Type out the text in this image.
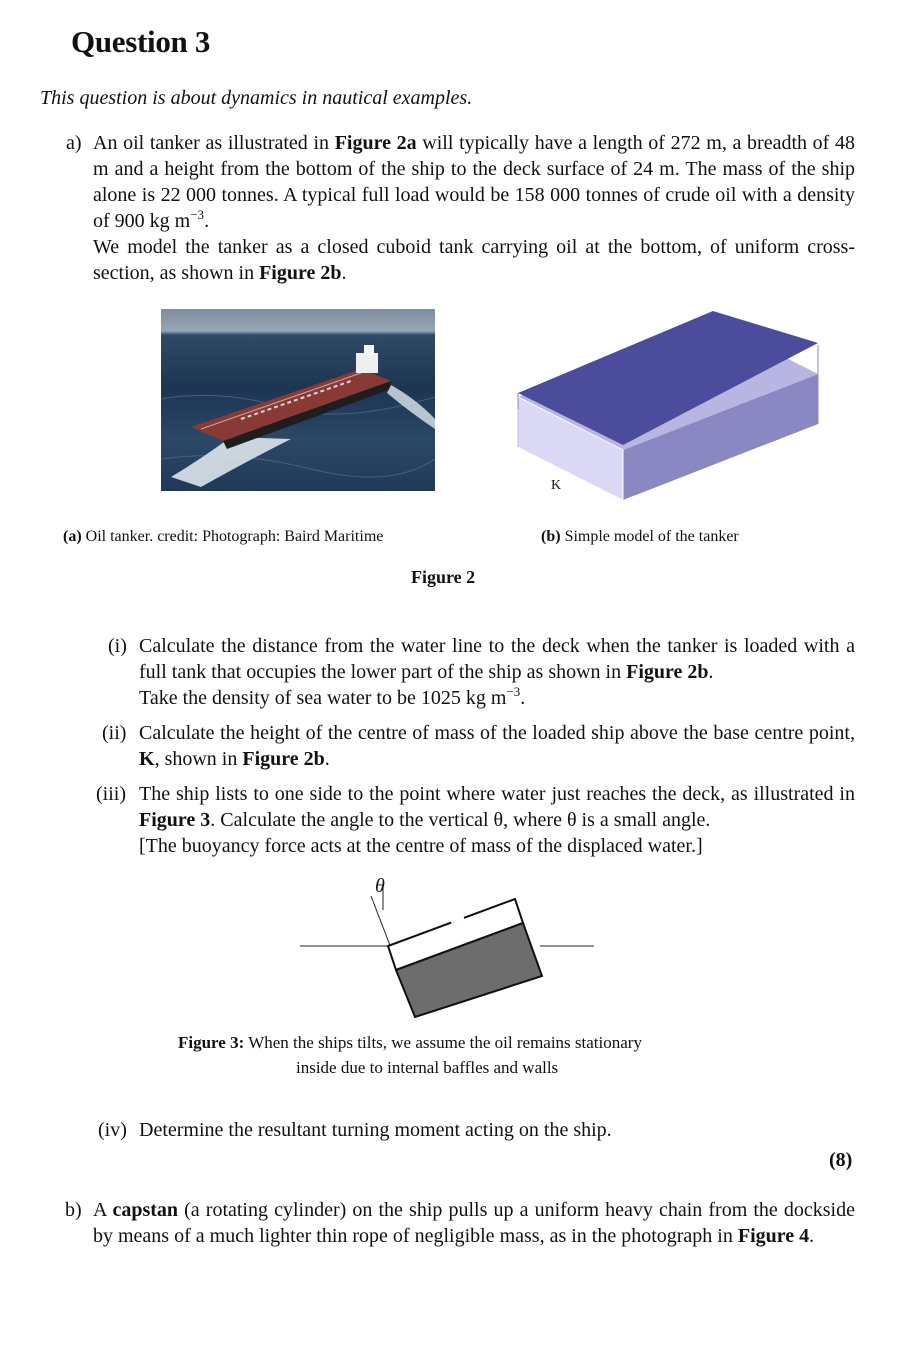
Question 3
This question is about dynamics in nautical examples.
a) An oil tanker as illustrated in Figure 2a will typically have a length of 272 m, a breadth of 48 m and a height from the bottom of the ship to the deck surface of 24 m. The mass of the ship alone is 22 000 tonnes. A typical full load would be 158 000 tonnes of crude oil with a density of 900 kg $m^{-3}$.
We model the tanker as a closed cuboid tank carrying oil at the bottom, of uniform cross-section, as shown in Figure 2b.
K
(a) Oil tanker. credit: Photograph: Baird Maritime	(b) Simple model of the tanker
Figure 2
(i) Calculate the distance from the water line to the deck when the tanker is loaded with a full tank that occupies the lower part of the ship as shown in Figure 2b.
Take the density of sea water to be 1025 kg $m^{-3}$.
(ii) Calculate the height of the centre of mass of the loaded ship above the base centre point, K, shown in Figure 2b.
(iii) The ship lists to one side to the point where water just reaches the deck, as illustrated in Figure 3. Calculate the angle to the vertical θ, where θ is a small angle.
[The buoyancy force acts at the centre of mass of the displaced water.]
θ
Figure 3: When the ships tilts, we assume the oil remains stationary
inside due to internal baffles and walls
(iv) Determine the resultant turning moment acting on the ship.
(8)
b) A capstan (a rotating cylinder) on the ship pulls up a uniform heavy chain from the dockside by means of a much lighter thin rope of negligible mass, as in the photograph in Figure 4.
